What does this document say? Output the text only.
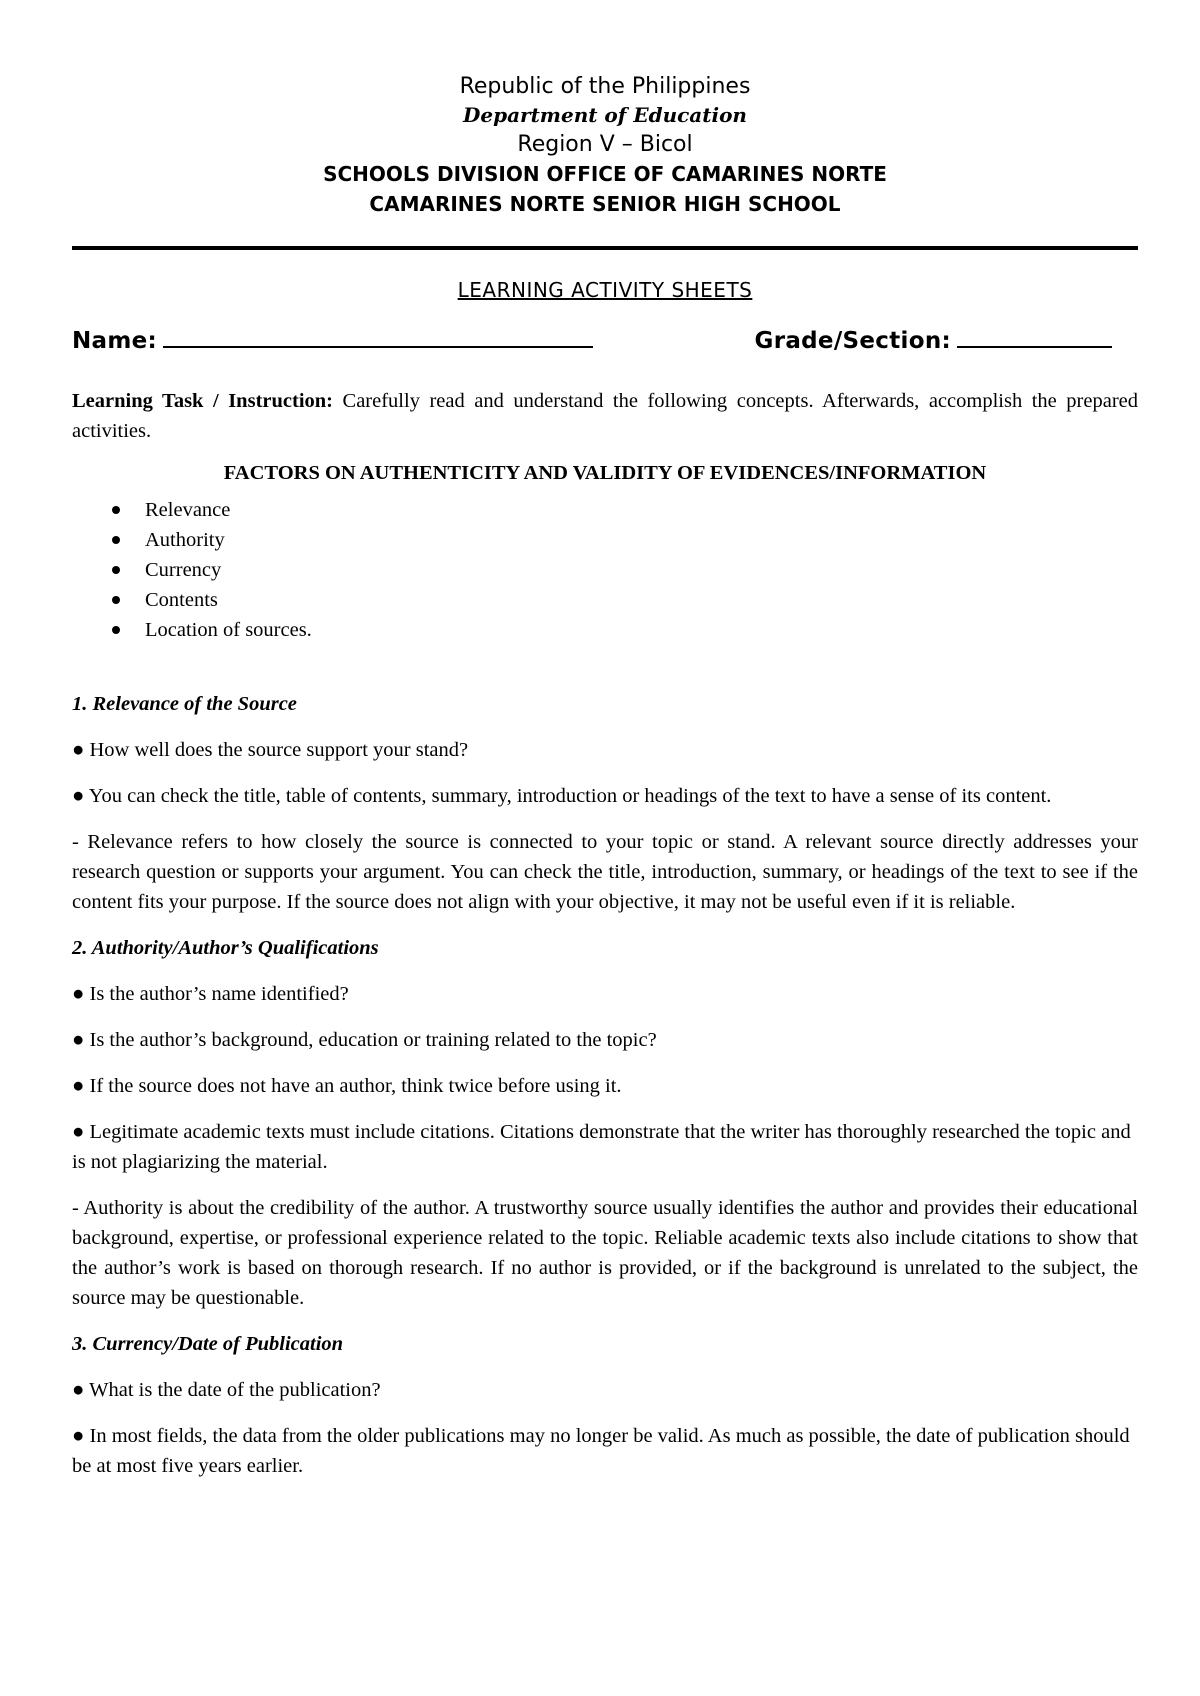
Republic of the Philippines
Department of Education
Region V – Bicol
SCHOOLS DIVISION OFFICE OF CAMARINES NORTE
CAMARINES NORTE SENIOR HIGH SCHOOL
LEARNING ACTIVITY SHEETS
Name:	Grade/Section:

Learning Task / Instruction: Carefully read and understand the following concepts. Afterwards, accomplish the prepared activities.

FACTORS ON AUTHENTICITY AND VALIDITY OF EVIDENCES/INFORMATION
Relevance
Authority
Currency
Contents
Location of sources.
1. Relevance of the Source

● How well does the source support your stand?

● You can check the title, table of contents, summary, introduction or headings of the text to have a sense of its content.

- Relevance refers to how closely the source is connected to your topic or stand. A relevant source directly addresses your research question or supports your argument. You can check the title, introduction, summary, or headings of the text to see if the content fits your purpose. If the source does not align with your objective, it may not be useful even if it is reliable.

2. Authority/Author’s Qualifications

● Is the author’s name identified?

● Is the author’s background, education or training related to the topic?

● If the source does not have an author, think twice before using it.

● Legitimate academic texts must include citations. Citations demonstrate that the writer has thoroughly researched the topic and is not plagiarizing the material.

- Authority is about the credibility of the author. A trustworthy source usually identifies the author and provides their educational background, expertise, or professional experience related to the topic. Reliable academic texts also include citations to show that the author’s work is based on thorough research. If no author is provided, or if the background is unrelated to the subject, the source may be questionable.

3. Currency/Date of Publication

● What is the date of the publication?

● In most fields, the data from the older publications may no longer be valid. As much as possible, the date of publication should be at most five years earlier.
